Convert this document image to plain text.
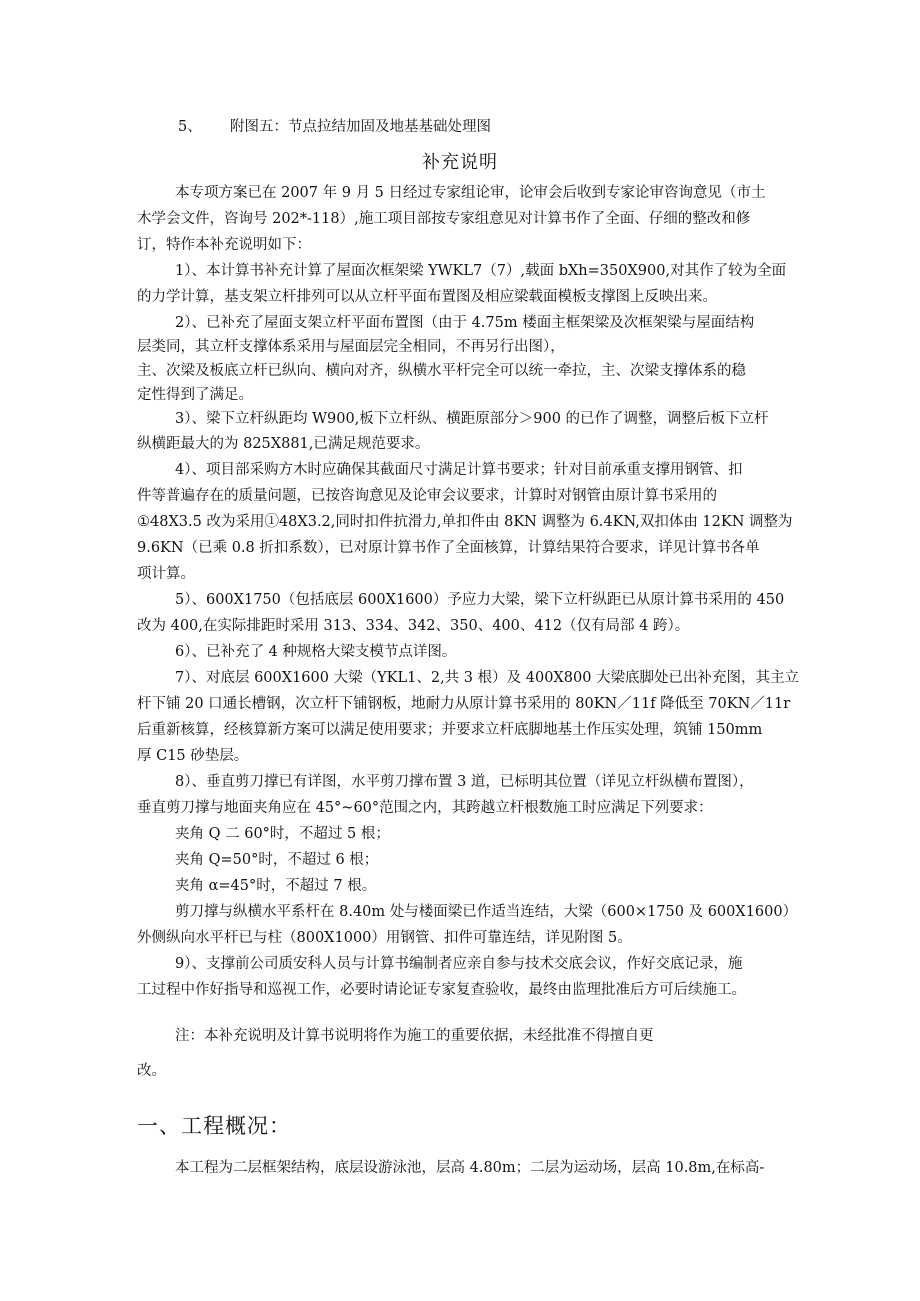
5、 附图五：节点拉结加固及地基基础处理图
补充说明
本专项方案已在 2007 年 9 月 5 日经过专家组论审，论审会后收到专家论审咨询意见（市土
木学会文件，咨询号 202*-118）,施工项目部按专家组意见对计算书作了全面、仔细的整改和修
订，特作本补充说明如下：
1）、本计算书补充计算了屋面次框架梁 YWKL7（7）,载面 bXh=350X900,对其作了较为全面
的力学计算，基支架立杆排列可以从立杆平面布置图及相应梁载面模板支撑图上反映出来。
2）、已补充了屋面支架立杆平面布置图（由于 4.75m 楼面主框架梁及次框架梁与屋面结构
层类同，其立杆支撑体系采用与屋面层完全相同，不再另行出图），
主、次梁及板底立杆已纵向、横向对齐，纵横水平杆完全可以统一牵拉，主、次梁支撑体系的稳
定性得到了满足。
3）、梁下立杆纵距均 W900,板下立杆纵、横距原部分＞900 的已作了调整，调整后板下立杆
纵横距最大的为 825X881,已满足规范要求。
4）、项目部采购方木时应确保其截面尺寸满足计算书要求；针对目前承重支撑用钢管、扣
件等普遍存在的质量问题，已按咨询意见及论审会议要求，计算时对钢管由原计算书采用的
①48X3.5 改为采用①48X3.2,同时扣件抗滑力,单扣件由 8KN 调整为 6.4KN,双扣体由 12KN 调整为
9.6KN（已乘 0.8 折扣系数），已对原计算书作了全面核算，计算结果符合要求，详见计算书各单
项计算。
5）、600X1750（包括底层 600X1600）予应力大梁，梁下立杆纵距已从原计算书采用的 450
改为 400,在实际排距时采用 313、334、342、350、400、412（仅有局部 4 跨）。
6）、已补充了 4 种规格大梁支模节点详图。
7）、对底层 600X1600 大梁（YKL1、2,共 3 根）及 400X800 大梁底脚处已出补充图，其主立
杆下铺 20 口通长槽钢，次立杆下铺钢板，地耐力从原计算书采用的 80KN／11f 降低至 70KN／11r
后重新核算，经核算新方案可以满足使用要求；并要求立杆底脚地基土作压实处理，筑铺 150mm
厚 C15 砂垫层。
8）、垂直剪刀撑已有详图，水平剪刀撑布置 3 道，已标明其位置（详见立杆纵横布置图），
垂直剪刀撑与地面夹角应在 45°~60°范围之内，其跨越立杆根数施工时应满足下列要求：
夹角 Q 二 60°时，不超过 5 根；
夹角 Q=50°时，不超过 6 根；
夹角 α=45°时，不超过 7 根。
剪刀撑与纵横水平系杆在 8.40m 处与楼面梁已作适当连结，大梁（600×1750 及 600X1600）
外侧纵向水平杆已与柱（800X1000）用钢管、扣件可靠连结，详见附图 5。
9）、支撑前公司质安科人员与计算书编制者应亲自参与技术交底会议，作好交底记录，施
工过程中作好指导和巡视工作，必要时请论证专家复查验收，最终由监理批准后方可后续施工。
注：本补充说明及计算书说明将作为施工的重要依据，未经批准不得擅自更
改。
一、工程概况：
本工程为二层框架结构，底层设游泳池，层高 4.80m；二层为运动场，层高 10.8m,在标高-
